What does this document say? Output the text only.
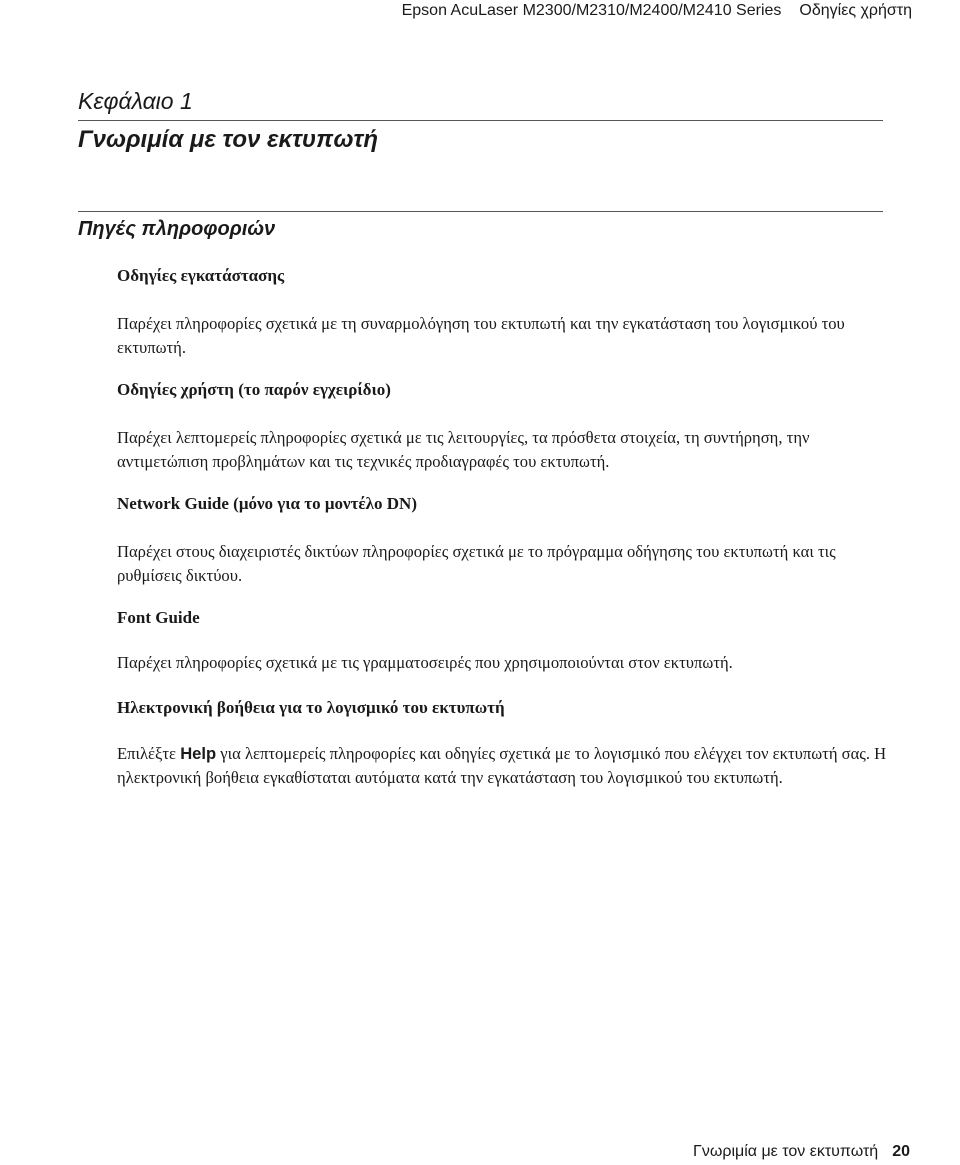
Epson AcuLaser M2300/M2310/M2400/M2410 Series Οδηγίες χρήστη
Κεφάλαιο 1
Γνωριμία με τον εκτυπωτή
Πηγές πληροφοριών
Οδηγίες εγκατάστασης
Παρέχει πληροφορίες σχετικά με τη συναρμολόγηση του εκτυπωτή και την εγκατάσταση του λογισμικού του εκτυπωτή.
Οδηγίες χρήστη (το παρόν εγχειρίδιο)
Παρέχει λεπτομερείς πληροφορίες σχετικά με τις λειτουργίες, τα πρόσθετα στοιχεία, τη συντήρηση, την αντιμετώπιση προβλημάτων και τις τεχνικές προδιαγραφές του εκτυπωτή.
Network Guide (μόνο για το μοντέλο DN)
Παρέχει στους διαχειριστές δικτύων πληροφορίες σχετικά με το πρόγραμμα οδήγησης του εκτυπωτή και τις ρυθμίσεις δικτύου.
Font Guide
Παρέχει πληροφορίες σχετικά με τις γραμματοσειρές που χρησιμοποιούνται στον εκτυπωτή.
Ηλεκτρονική βοήθεια για το λογισμικό του εκτυπωτή
Επιλέξτε Help για λεπτομερείς πληροφορίες και οδηγίες σχετικά με το λογισμικό που ελέγχει τον εκτυπωτή σας. Η ηλεκτρονική βοήθεια εγκαθίσταται αυτόματα κατά την εγκατάσταση του λογισμικού του εκτυπωτή.
Γνωριμία με τον εκτυπωτή 20
